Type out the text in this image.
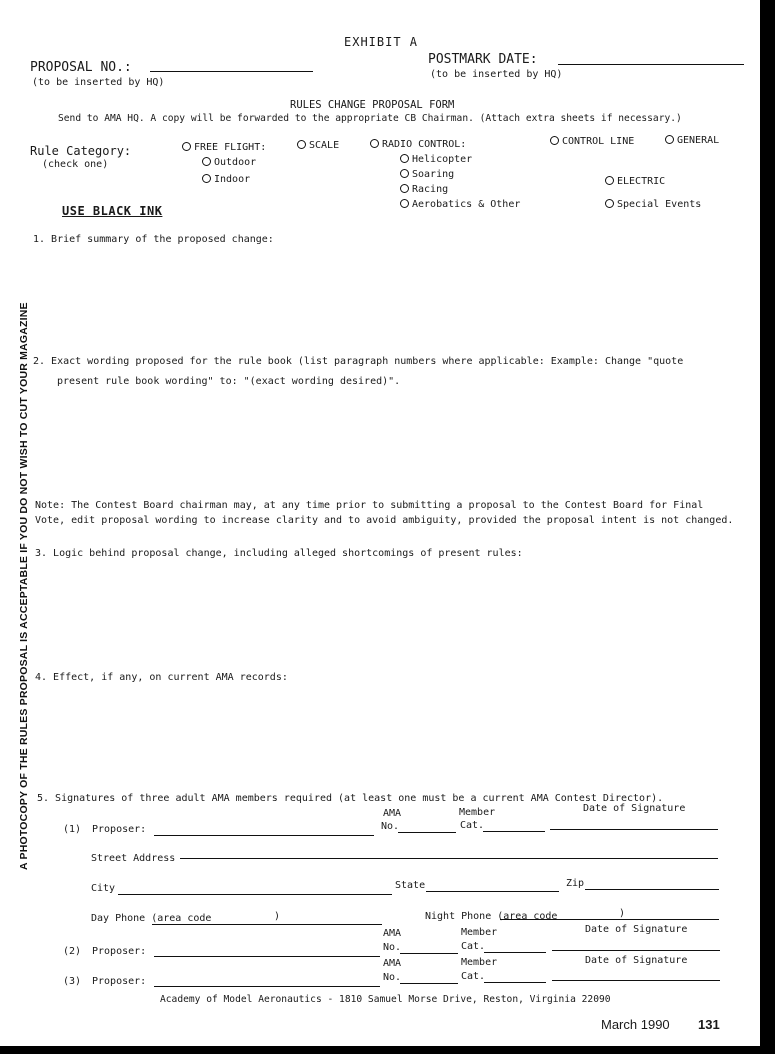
A PHOTOCOPY OF THE RULES PROPOSAL IS ACCEPTABLE IF YOU DO NOT WISH TO CUT YOUR MAGAZINE
EXHIBIT A
PROPOSAL NO.:
(to be inserted by HQ)
POSTMARK DATE:
(to be inserted by HQ)
RULES CHANGE PROPOSAL FORM
Send to AMA HQ. A copy will be forwarded to the appropriate CB Chairman. (Attach extra sheets if necessary.)
Rule Category:
(check one)
FREE FLIGHT:
Outdoor
Indoor
SCALE	RADIO CONTROL:
Helicopter
Soaring
Racing
Aerobatics & Other
CONTROL LINE	GENERAL
ELECTRIC
Special Events
USE BLACK INK
1. Brief summary of the proposed change:
2. Exact wording proposed for the rule book (list paragraph numbers where applicable: Example: Change "quote
present rule book wording" to: "(exact wording desired)".
Note: The Contest Board chairman may, at any time prior to submitting a proposal to the Contest Board for Final
Vote, edit proposal wording to increase clarity and to avoid ambiguity, provided the proposal intent is not changed.
3. Logic behind proposal change, including alleged shortcomings of present rules:
4. Effect, if any, on current AMA records:
5. Signatures of three adult AMA members required (at least one must be a current AMA Contest Director).
AMA	Member	Date of Signature
(1) Proposer:	No.	Cat.
Street Address
City	State	Zip
Day Phone (area code	)	Night Phone (area code	)
AMA	Member	Date of Signature
(2) Proposer:	No.	Cat.
AMA	Member	Date of Signature
(3) Proposer:	No.	Cat.
Academy of Model Aeronautics - 1810 Samuel Morse Drive, Reston, Virginia 22090
March 1990 131
